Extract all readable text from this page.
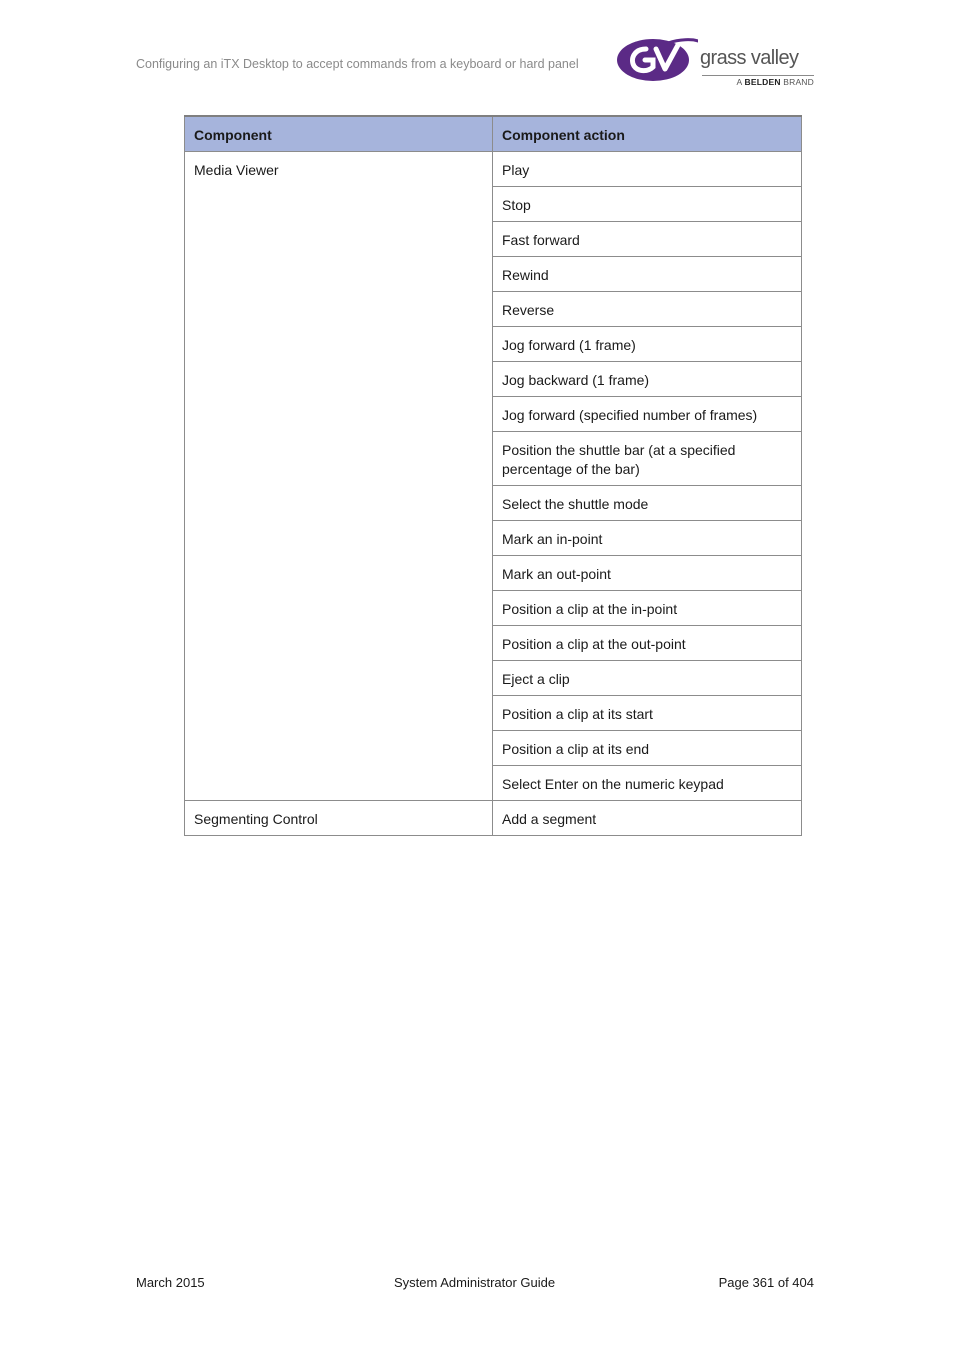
Configuring an iTX Desktop to accept commands from a keyboard or hard panel	grass valley
A BELDEN BRAND
Component	Component action
Media Viewer	Play
	Stop
	Fast forward
	Rewind
	Reverse
	Jog forward (1 frame)
	Jog backward (1 frame)
	Jog forward (specified number of frames)
	Position the shuttle bar (at a specified percentage of the bar)
	Select the shuttle mode
	Mark an in-point
	Mark an out-point
	Position a clip at the in-point
	Position a clip at the out-point
	Eject a clip
	Position a clip at its start
	Position a clip at its end
	Select Enter on the numeric keypad
Segmenting Control	Add a segment
March 2015	System Administrator Guide	Page 361 of 404
